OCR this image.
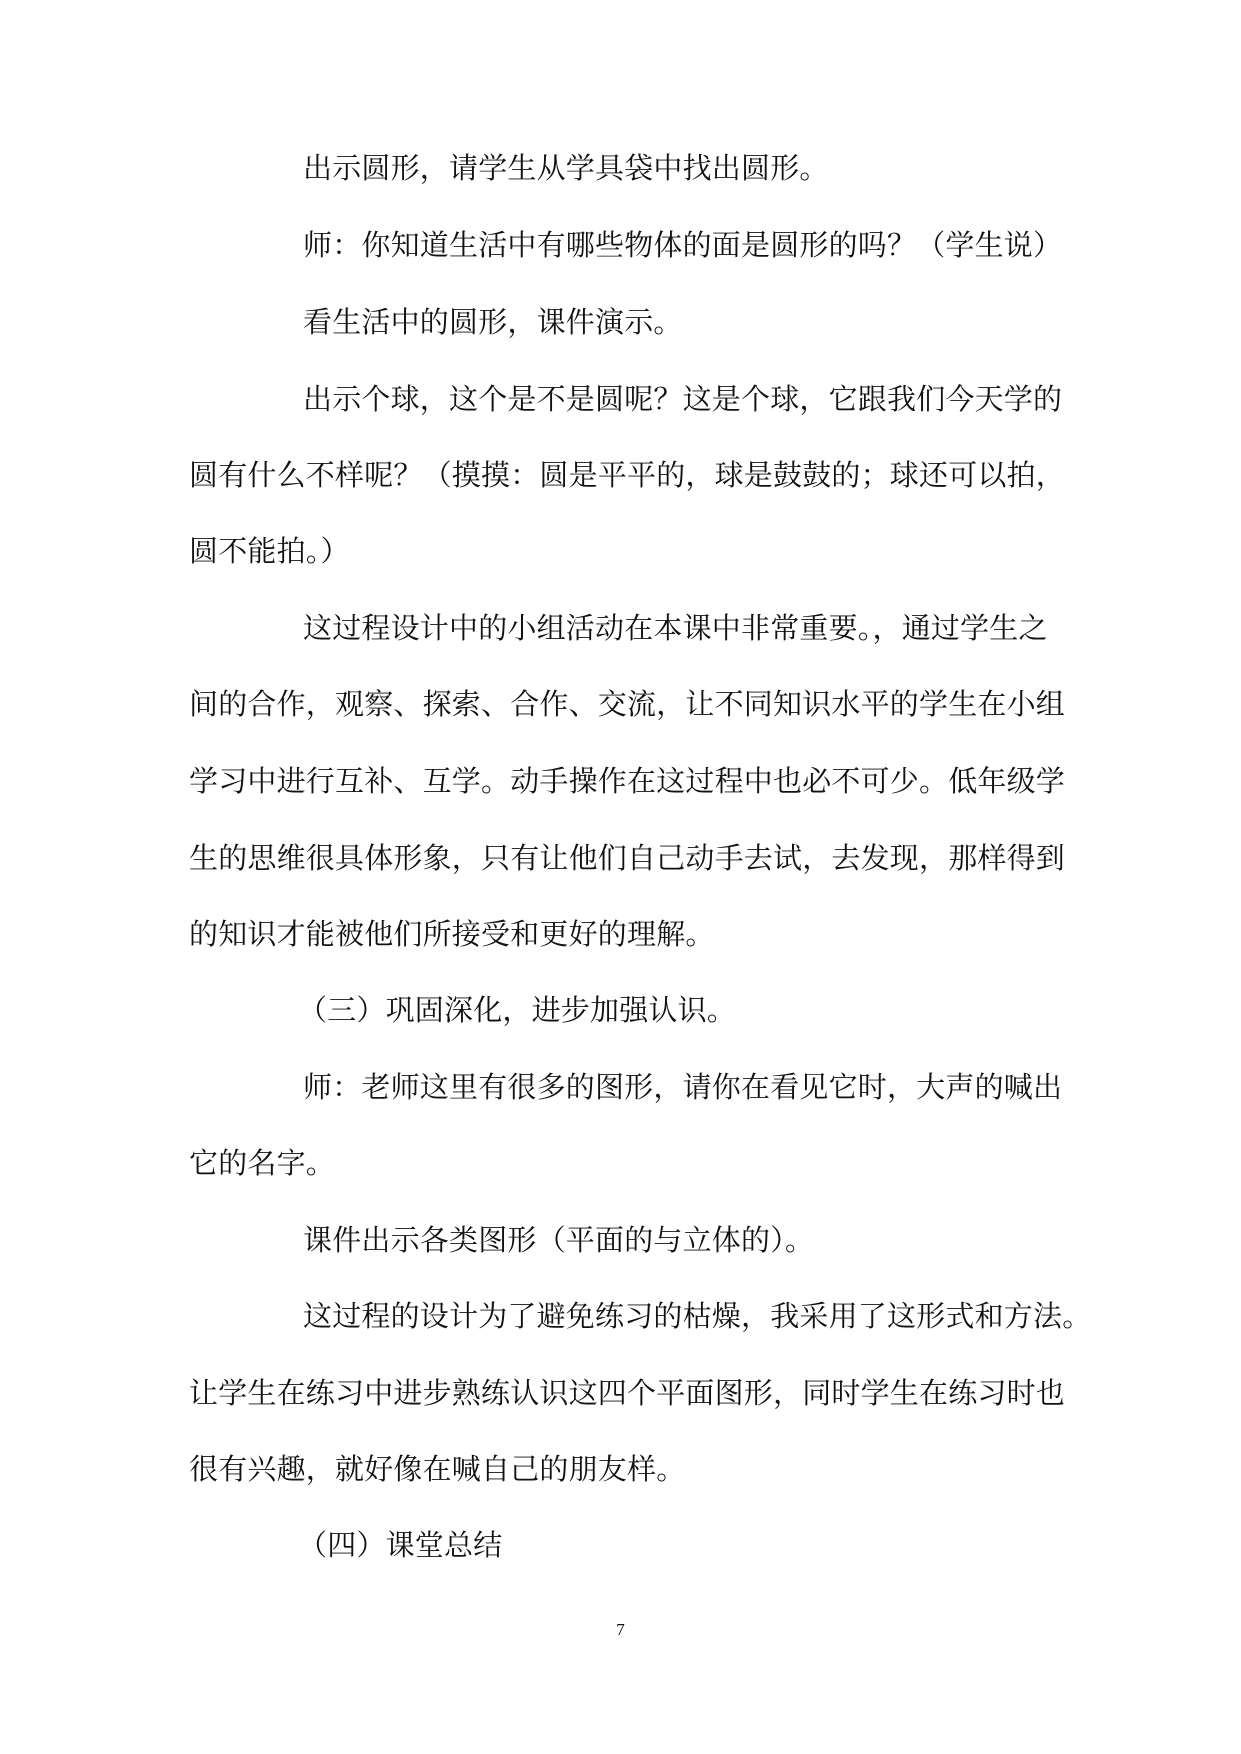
出示圆形，请学生从学具袋中找出圆形。
师：你知道生活中有哪些物体的面是圆形的吗？（学生说）
看生活中的圆形，课件演示。
出示个球，这个是不是圆呢？这是个球，它跟我们今天学的
圆有什么不样呢？（摸摸：圆是平平的，球是鼓鼓的；球还可以拍，
圆不能拍。）
这过程设计中的小组活动在本课中非常重要。，通过学生之
间的合作，观察、探索、合作、交流，让不同知识水平的学生在小组
学习中进行互补、互学。动手操作在这过程中也必不可少。低年级学
生的思维很具体形象，只有让他们自己动手去试，去发现，那样得到
的知识才能被他们所接受和更好的理解。
（三）巩固深化，进步加强认识。
师：老师这里有很多的图形，请你在看见它时，大声的喊出
它的名字。
课件出示各类图形（平面的与立体的）。
这过程的设计为了避免练习的枯燥，我采用了这形式和方法。
让学生在练习中进步熟练认识这四个平面图形，同时学生在练习时也
很有兴趣，就好像在喊自己的朋友样。
（四）课堂总结
7
